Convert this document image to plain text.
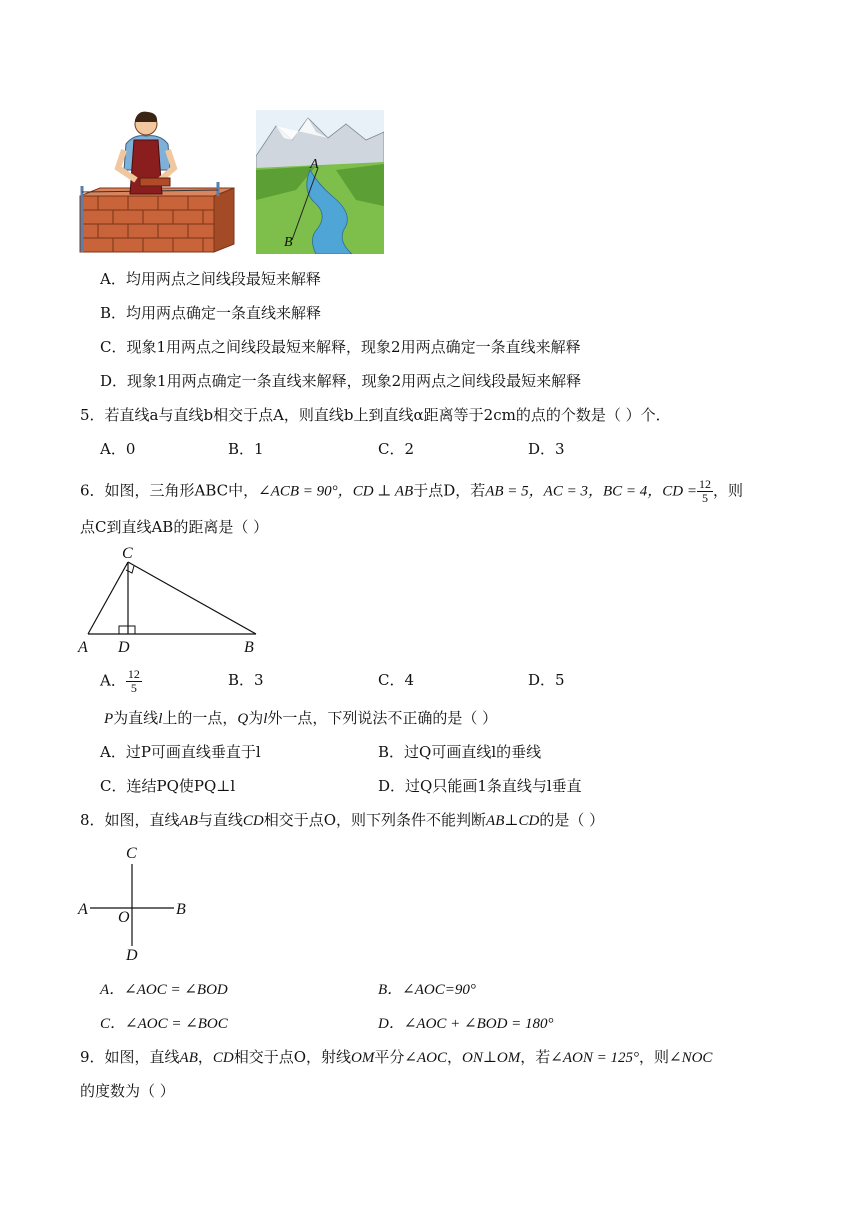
A
B
A．均用两点之间线段最短来解释
B．均用两点确定一条直线来解释
C．现象1用两点之间线段最短来解释，现象2用两点确定一条直线来解释
D．现象1用两点确定一条直线来解释，现象2用两点之间线段最短来解释
5．若直线a与直线b相交于点A，则直线b上到直线α距离等于2cm的点的个数是（ ）个．
A．0	B．1	C．2	D．3
6．如图，三角形ABC中，∠ACB = 90°，CD ⊥ AB于点D，若AB = 5，AC = 3，BC = 4，CD = $\frac{12}{5}$ ，则
点C到直线AB的距离是（ ）
C
A D	B
A． $\frac{12}{5}$	B．3	C．4	D．5
P为直线l上的一点，Q为l外一点，下列说法不正确的是（ ）
A．过P可画直线垂直于l	B．过Q可画直线l的垂线
C．连结PQ使PQ⊥l	D．过Q只能画1条直线与l垂直
8．如图，直线AB与直线CD相交于点O，则下列条件不能判断AB⊥CD的是（ ）
C
A O	B
D
A．∠AOC = ∠BOD	B．∠AOC=90°
C．∠AOC = ∠BOC	D．∠AOC + ∠BOD = 180°
9．如图，直线AB，CD相交于点O，射线OM平分∠AOC，ON⊥OM，若∠AON = 125°，则∠NOC
的度数为（ ）
